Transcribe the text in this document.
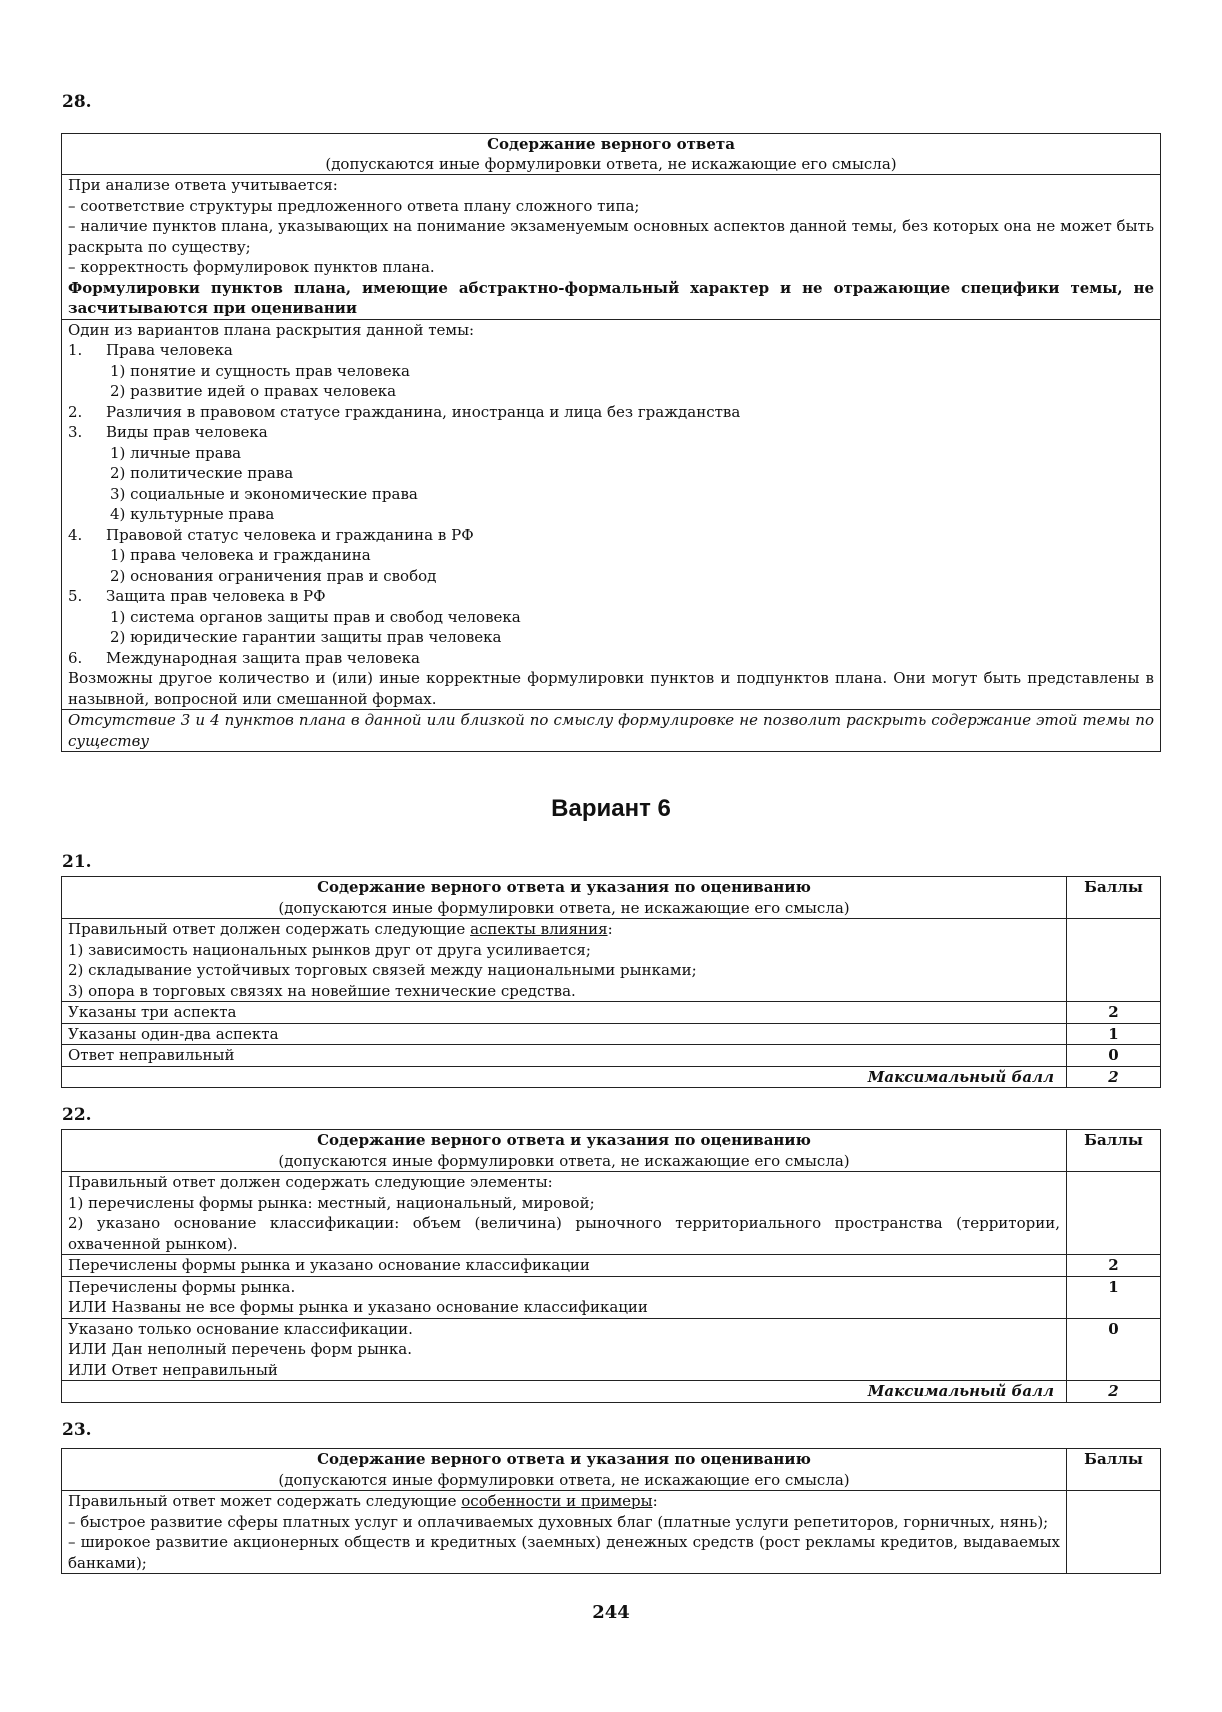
28.
Содержание верного ответа
(допускаются иные формулировки ответа, не искажающие его смысла)

При анализе ответа учитывается:
– соответствие структуры предложенного ответа плану сложного типа;
– наличие пунктов плана, указывающих на понимание экзаменуемым основных аспектов данной темы, без которых она не может быть раскрыта по существу;
– корректность формулировок пунктов плана.
Формулировки пунктов плана, имеющие абстрактно-формальный характер и не отражающие специфики темы, не засчитываются при оценивании

Один из вариантов плана раскрытия данной темы:
1. Права человека
1) понятие и сущность прав человека
2) развитие идей о правах человека
2. Различия в правовом статусе гражданина, иностранца и лица без гражданства
3. Виды прав человека
1) личные права
2) политические права
3) социальные и экономические права
4) культурные права
4. Правовой статус человека и гражданина в РФ
1) права человека и гражданина
2) основания ограничения прав и свобод
5. Защита прав человека в РФ
1) система органов защиты прав и свобод человека
2) юридические гарантии защиты прав человека
6. Международная защита прав человека
Возможны другое количество и (или) иные корректные формулировки пунктов и подпунктов плана. Они могут быть представлены в назывной, вопросной или смешанной формах.

Отсутствие 3 и 4 пунктов плана в данной или близкой по смыслу формулировке не позволит раскрыть содержание этой темы по существу
Вариант 6
21.
Содержание верного ответа и указания по оцениванию
(допускаются иные формулировки ответа, не искажающие его смысла)	Баллы

Правильный ответ должен содержать следующие аспекты влияния:
1) зависимость национальных рынков друг от друга усиливается;
2) складывание устойчивых торговых связей между национальными рынками;
3) опора в торговых связях на новейшие технические средства.	

Указаны три аспекта	2
Указаны один-два аспекта	1
Ответ неправильный	0
Максимальный балл	2
22.
Содержание верного ответа и указания по оцениванию
(допускаются иные формулировки ответа, не искажающие его смысла)	Баллы

Правильный ответ должен содержать следующие элементы:
1) перечислены формы рынка: местный, национальный, мировой;
2) указано основание классификации: объем (величина) рыночного территориального пространства (территории, охваченной рынком).	

Перечислены формы рынка и указано основание классификации	2

Перечислены формы рынка.
ИЛИ Названы не все формы рынка и указано основание классификации	1

Указано только основание классификации.
ИЛИ Дан неполный перечень форм рынка.
ИЛИ Ответ неправильный	0
Максимальный балл	2
23.
Содержание верного ответа и указания по оцениванию
(допускаются иные формулировки ответа, не искажающие его смысла)	Баллы

Правильный ответ может содержать следующие особенности и примеры:
– быстрое развитие сферы платных услуг и оплачиваемых духовных благ (платные услуги репетиторов, горничных, нянь);
– широкое развитие акционерных обществ и кредитных (заемных) денежных средств (рост рекламы кредитов, выдаваемых банками);	

244
